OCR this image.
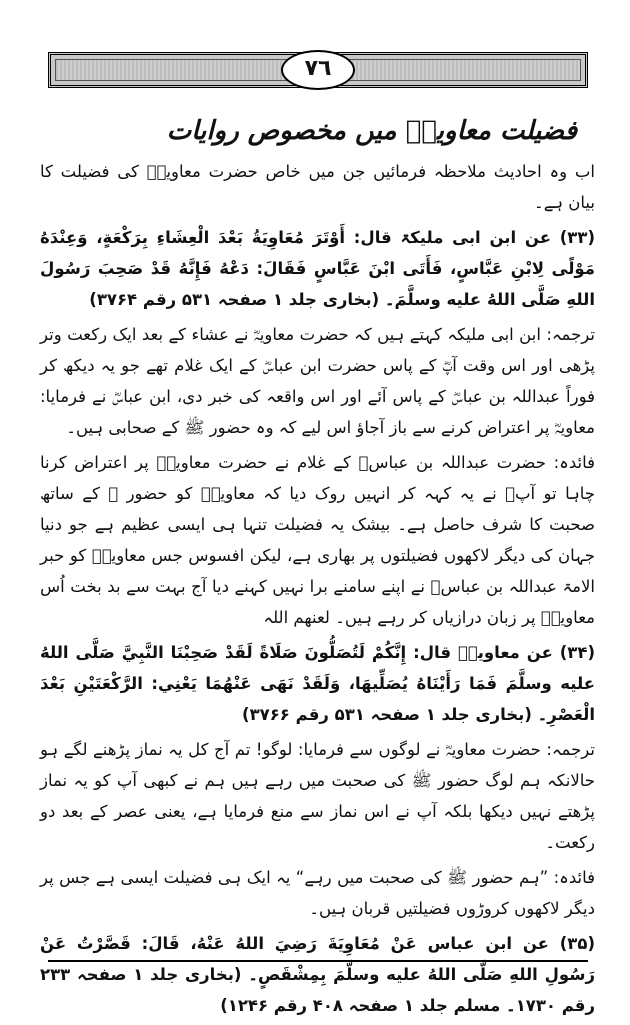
٧٦
فضیلت معاویہؓ میں مخصوص روایات

اب وہ احادیث ملاحظہ فرمائیں جن میں خاص حضرت معاویہؓ کی فضیلت کا بیان ہے۔

(۳۳) عن ابن ابی ملیکۃ قال: أَوْتَرَ مُعَاوِيَةُ بَعْدَ الْعِشَاءِ بِرَكْعَةٍ، وَعِنْدَهُ مَوْلًى لِابْنِ عَبَّاسٍ، فَأَتَى ابْنَ عَبَّاسٍ فَقَالَ: دَعْهُ فَإِنَّهُ قَدْ صَحِبَ رَسُولَ اللهِ صَلَّى اللهُ عليه وسلَّمَ۔ (بخاری جلد ۱ صفحہ ۵۳۱ رقم ۳۷۶۴)

ترجمہ: ابن ابی ملیکہ کہتے ہیں کہ حضرت معاویہؓ نے عشاء کے بعد ایک رکعت وتر پڑھی اور اس وقت آپؓ کے پاس حضرت ابن عباسؓ کے ایک غلام تھے جو یہ دیکھ کر فوراً عبداللہ بن عباسؓ کے پاس آئے اور اس واقعہ کی خبر دی، ابن عباسؓ نے فرمایا: معاویہؓ پر اعتراض کرنے سے باز آجاؤ اس لیے کہ وہ حضور ﷺ کے صحابی ہیں۔

فائدہ: حضرت عبداللہ بن عباسؓ کے غلام نے حضرت معاویہؓ پر اعتراض کرنا چاہا تو آپؓ نے یہ کہہ کر انہیں روک دیا کہ معاویہؓ کو حضور ﷺ کے ساتھ صحبت کا شرف حاصل ہے۔ بیشک یہ فضیلت تنہا ہی ایسی عظیم ہے جو دنیا جہان کی دیگر لاکھوں فضیلتوں پر بھاری ہے، لیکن افسوس جس معاویہؓ کو حبر الامۃ عبداللہ بن عباسؓ نے اپنے سامنے برا نہیں کہنے دیا آج بہت سے بد بخت اُس معاویہؓ پر زبان درازیاں کر رہے ہیں۔ لعنھم اللہ

(۳۴) عن معاویۃؓ قال: إِنَّكُمْ لَتُصَلُّونَ صَلَاةً لَقَدْ صَحِبْنَا النَّبِيَّ صَلَّى اللهُ عليه وسلَّمَ فَمَا رَأَيْنَاهُ يُصَلِّيهَا، وَلَقَدْ نَهَى عَنْهُمَا يَعْنِي: الرَّكْعَتَيْنِ بَعْدَ الْعَصْرِ۔ (بخاری جلد ۱ صفحہ ۵۳۱ رقم ۳۷۶۶)

ترجمہ: حضرت معاویہؓ نے لوگوں سے فرمایا: لوگو! تم آج کل یہ نماز پڑھنے لگے ہو حالانکہ ہم لوگ حضور ﷺ کی صحبت میں رہے ہیں ہم نے کبھی آپ کو یہ نماز پڑھتے نہیں دیکھا بلکہ آپ نے اس نماز سے منع فرمایا ہے، یعنی عصر کے بعد دو رکعت۔

فائدہ: ”ہم حضور ﷺ کی صحبت میں رہے“ یہ ایک ہی فضیلت ایسی ہے جس پر دیگر لاکھوں کروڑوں فضیلتیں قربان ہیں۔

(۳۵) عن ابن عباس عَنْ مُعَاوِيَةَ رَضِيَ اللهُ عَنْهُ، قَالَ: قَصَّرْتُ عَنْ رَسُولِ اللهِ صَلَّى اللهُ عليه وسلَّمَ بِمِشْقَصٍ۔ (بخاری جلد ۱ صفحہ ۲۳۳ رقم ۱۷۳۰۔ مسلم جلد ۱ صفحہ ۴۰۸ رقم ۱۲۴۶)
